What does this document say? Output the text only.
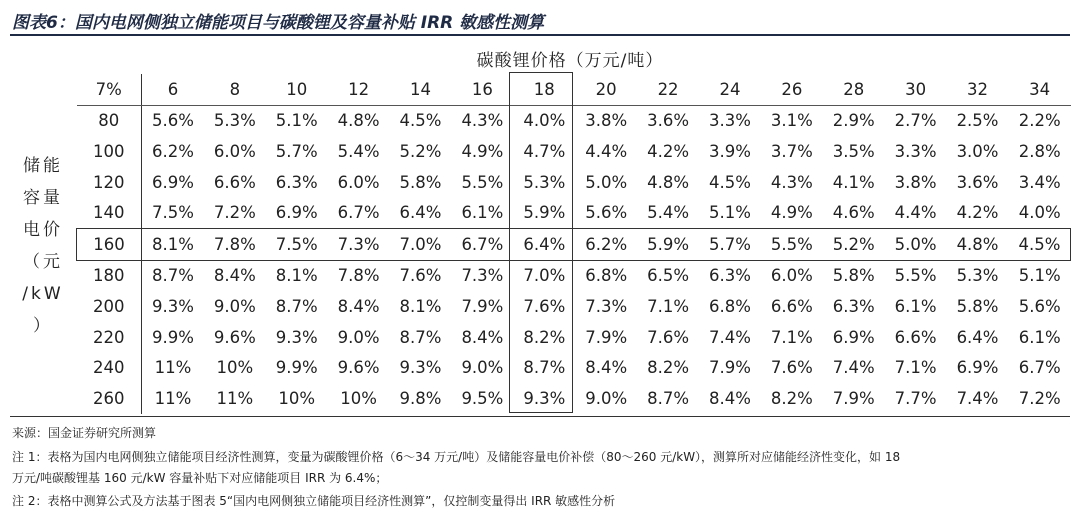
图表6：国内电网侧独立储能项目与碳酸锂及容量补贴 IRR 敏感性测算
碳酸锂价格（万元/吨）
储能
容量
电价
（元
/kW
）
7%	6	8	10	12	14	16	18	20	22	24	26	28	30	32	34
80	5.6%	5.3%	5.1%	4.8%	4.5%	4.3%	4.0%	3.8%	3.6%	3.3%	3.1%	2.9%	2.7%	2.5%	2.2%
100	6.2%	6.0%	5.7%	5.4%	5.2%	4.9%	4.7%	4.4%	4.2%	3.9%	3.7%	3.5%	3.3%	3.0%	2.8%
120	6.9%	6.6%	6.3%	6.0%	5.8%	5.5%	5.3%	5.0%	4.8%	4.5%	4.3%	4.1%	3.8%	3.6%	3.4%
140	7.5%	7.2%	6.9%	6.7%	6.4%	6.1%	5.9%	5.6%	5.4%	5.1%	4.9%	4.6%	4.4%	4.2%	4.0%
160	8.1%	7.8%	7.5%	7.3%	7.0%	6.7%	6.4%	6.2%	5.9%	5.7%	5.5%	5.2%	5.0%	4.8%	4.5%
180	8.7%	8.4%	8.1%	7.8%	7.6%	7.3%	7.0%	6.8%	6.5%	6.3%	6.0%	5.8%	5.5%	5.3%	5.1%
200	9.3%	9.0%	8.7%	8.4%	8.1%	7.9%	7.6%	7.3%	7.1%	6.8%	6.6%	6.3%	6.1%	5.8%	5.6%
220	9.9%	9.6%	9.3%	9.0%	8.7%	8.4%	8.2%	7.9%	7.6%	7.4%	7.1%	6.9%	6.6%	6.4%	6.1%
240	11%	10%	9.9%	9.6%	9.3%	9.0%	8.7%	8.4%	8.2%	7.9%	7.6%	7.4%	7.1%	6.9%	6.7%
260	11%	11%	10%	10%	9.8%	9.5%	9.3%	9.0%	8.7%	8.4%	8.2%	7.9%	7.7%	7.4%	7.2%
来源：国金证券研究所测算
注 1：表格为国内电网侧独立储能项目经济性测算，变量为碳酸锂价格（6～34 万元/吨）及储能容量电价补偿（80～260 元/kW），测算所对应储能经济性变化，如 18
万元/吨碳酸锂基 160 元/kW 容量补贴下对应储能项目 IRR 为 6.4%；
注 2：表格中测算公式及方法基于图表 5“国内电网侧独立储能项目经济性测算”，仅控制变量得出 IRR 敏感性分析
